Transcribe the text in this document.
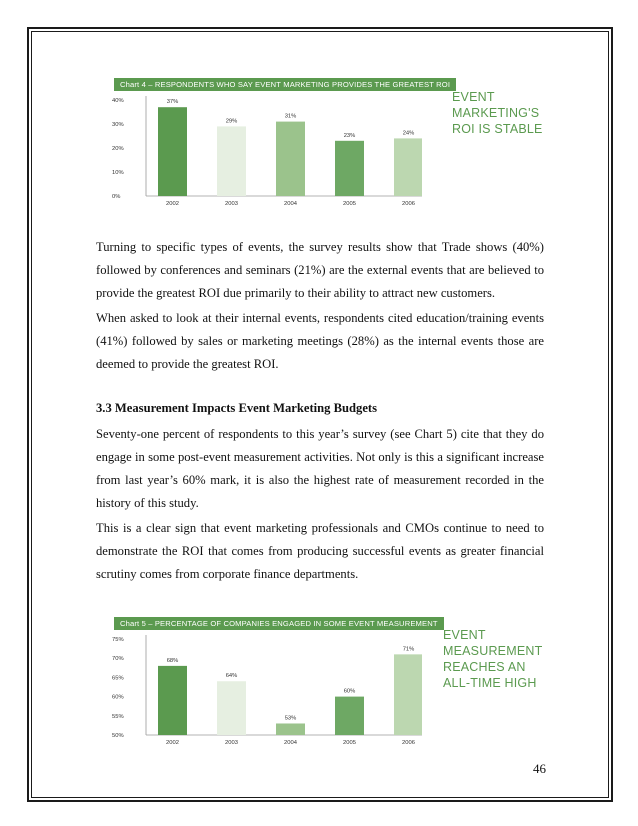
0%
10%
20%
30%
40%	37%
2002
29%
2003
31%
2004
23%
2005
24%
2006
Chart 4 – RESPONDENTS WHO SAY EVENT MARKETING PROVIDES THE GREATEST ROI
EVENT
MARKETING'S
ROI IS STABLE

Turning to specific types of events, the survey results show that Trade shows (40%) followed by conferences and seminars (21%) are the external events that are believed to provide the greatest ROI due primarily to their ability to attract new customers.

When asked to look at their internal events, respondents cited education/training events (41%) followed by sales or marketing meetings (28%) as the internal events those are deemed to provide the greatest ROI.

3.3 Measurement Impacts Event Marketing Budgets

Seventy-one percent of respondents to this year’s survey (see Chart 5) cite that they do engage in some post-event measurement activities. Not only is this a significant increase from last year’s 60% mark, it is also the highest rate of measurement recorded in the history of this study.

This is a clear sign that event marketing professionals and CMOs continue to need to demonstrate the ROI that comes from producing successful events as greater financial scrutiny comes from corporate finance departments.

50%
55%
60%
65%
70%
75%
68%
2002
64%
2003
53%
2004
60%
2005
71%
2006
Chart 5 – PERCENTAGE OF COMPANIES ENGAGED IN SOME EVENT MEASUREMENT
EVENT
MEASUREMENT
REACHES AN
ALL-TIME HIGH
46
